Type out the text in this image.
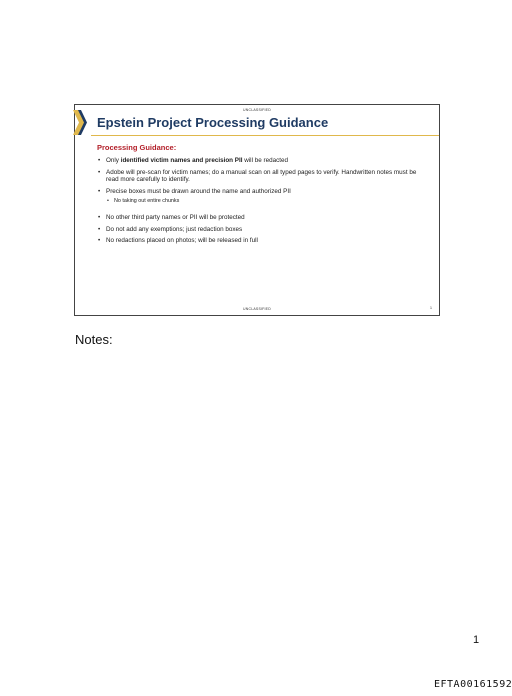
UNCLASSIFIED
Epstein Project Processing Guidance
Processing Guidance:
• Only identified victim names and precision PII will be redacted
• Adobe will pre-scan for victim names; do a manual scan on all typed pages to verify. Handwritten notes must be read more carefully to identify.
• Precise boxes must be drawn around the name and authorized PII
• No taking out entire chunks
• No other third party names or PII will be protected
• Do not add any exemptions; just redaction boxes
• No redactions placed on photos; will be released in full
UNCLASSIFIED	1
Notes:
1
EFTA00161592
